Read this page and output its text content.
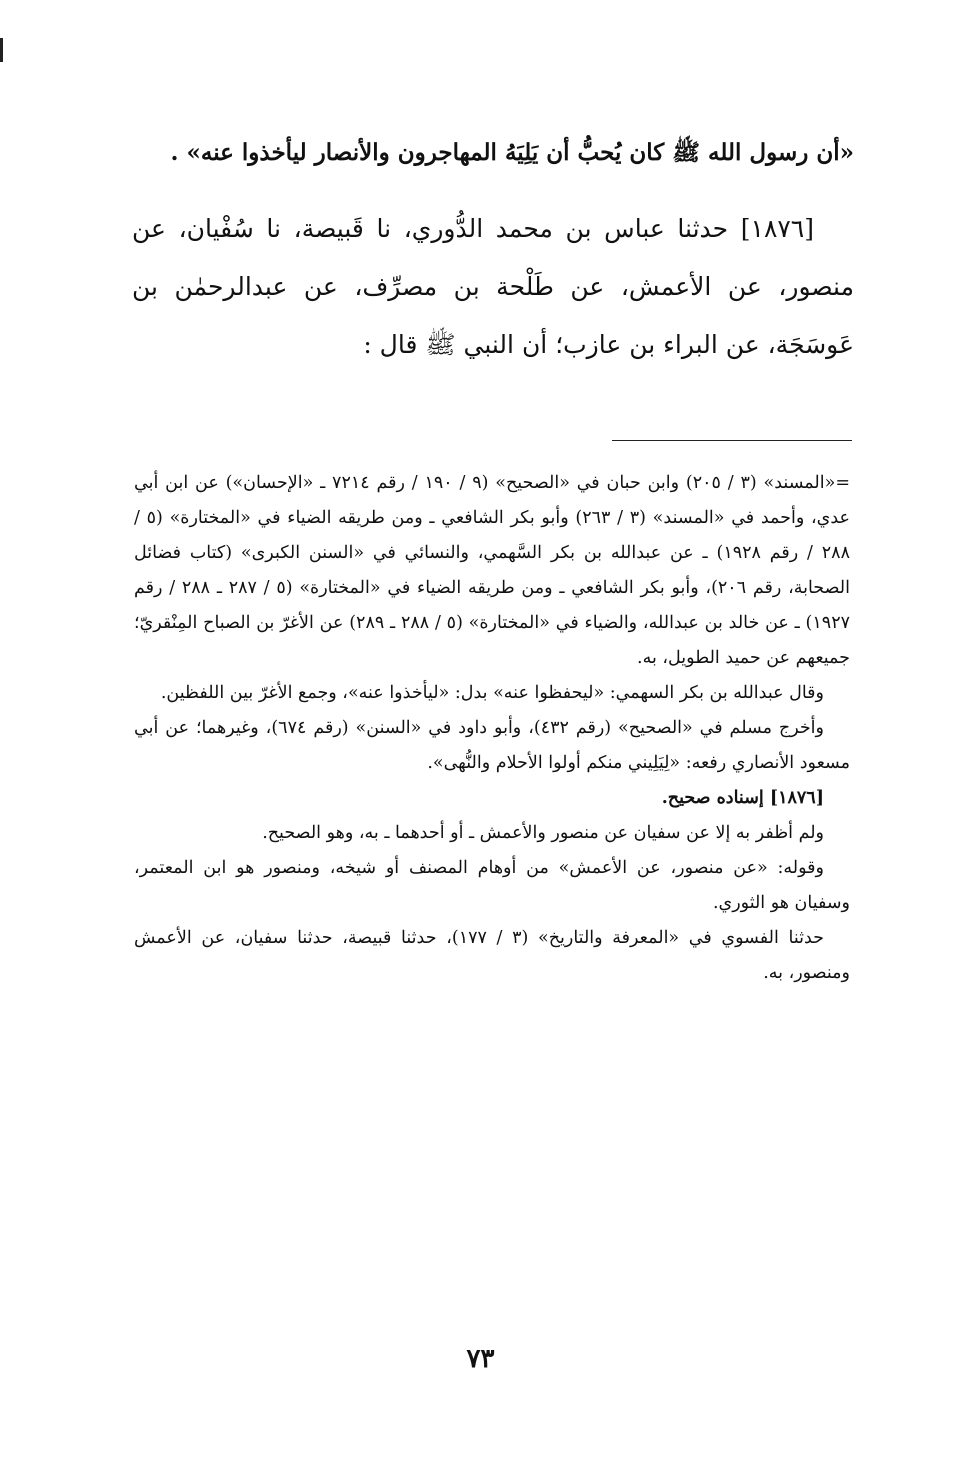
«أن رسول الله ﷺ كان يُحبُّ أن يَلِيَهُ المهاجرون والأنصار ليأخذوا عنه» .

[١٨٧٦] حدثنا عباس بن محمد الدُّوري، نا قَبيصة، نا سُفْيان، عن منصور، عن الأعمش، عن طَلْحة بن مصرِّف، عن عبدالرحمٰن بن عَوسَجَة، عن البراء بن عازب؛ أن النبي ﷺ قال :

=«المسند» (٣ / ٢٠٥) وابن حبان في «الصحيح» (٩ / ١٩٠ / رقم ٧٢١٤ ـ «الإحسان») عن ابن أبي عدي، وأحمد في «المسند» (٣ / ٢٦٣) وأبو بكر الشافعي ـ ومن طريقه الضياء في «المختارة» (٥ / ٢٨٨ / رقم ١٩٢٨) ـ عن عبدالله بن بكر السَّهمي، والنسائي في «السنن الكبرى» (كتاب فضائل الصحابة، رقم ٢٠٦)، وأبو بكر الشافعي ـ ومن طريقه الضياء في «المختارة» (٥ / ٢٨٧ ـ ٢٨٨ / رقم ١٩٢٧) ـ عن خالد بن عبدالله، والضياء في «المختارة» (٥ / ٢٨٨ ـ ٢٨٩) عن الأغرّ بن الصباح المِنْقريّ؛ جميعهم عن حميد الطويل، به.

وقال عبدالله بن بكر السهمي: «ليحفظوا عنه» بدل: «ليأخذوا عنه»، وجمع الأغرّ بين اللفظين.

وأخرج مسلم في «الصحيح» (رقم ٤٣٢)، وأبو داود في «السنن» (رقم ٦٧٤)، وغيرهما؛ عن أبي مسعود الأنصاري رفعه: «لِيَلِيني منكم أولوا الأحلام والنُّهى».

[١٨٧٦] إسناده صحيح.

ولم أظفر به إلا عن سفيان عن منصور والأعمش ـ أو أحدهما ـ به، وهو الصحيح.

وقوله: «عن منصور، عن الأعمش» من أوهام المصنف أو شيخه، ومنصور هو ابن المعتمر، وسفيان هو الثوري.

حدثنا الفسوي في «المعرفة والتاريخ» (٣ / ١٧٧)، حدثنا قبيصة، حدثنا سفيان، عن الأعمش ومنصور، به.

٧٣
